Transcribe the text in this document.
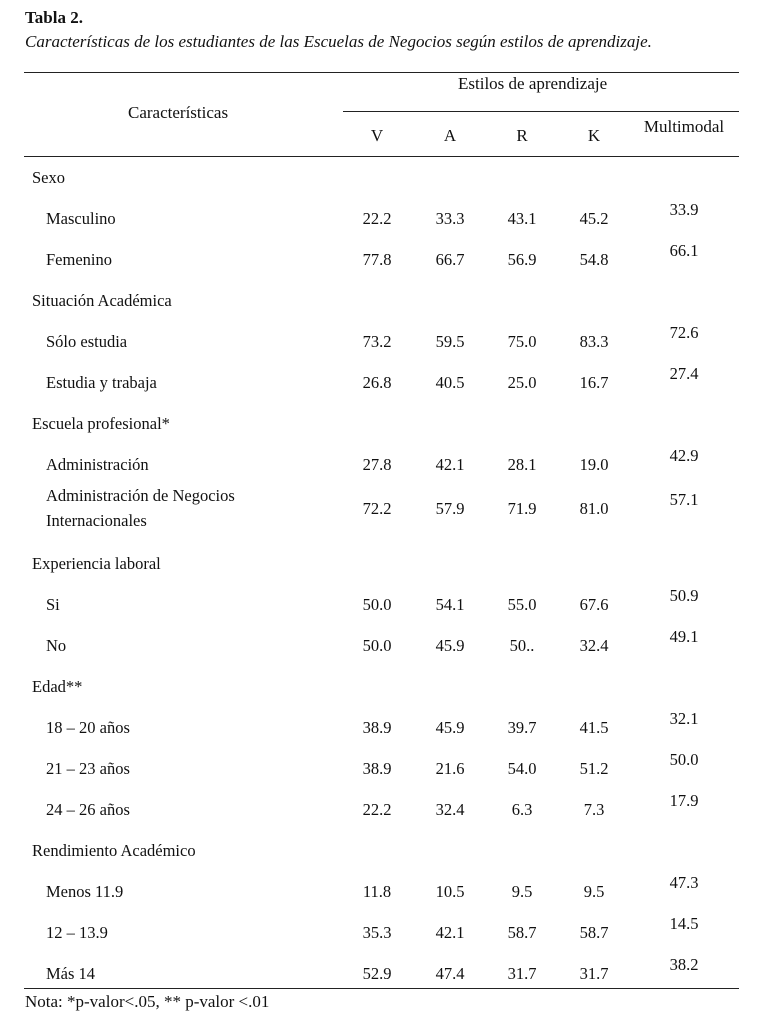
Tabla 2.
Características de los estudiantes de las Escuelas de Negocios según estilos de aprendizaje.
Características
Estilos de aprendizaje
V	A	R	K	Multimodal
Sexo
Masculino	22.2	33.3	43.1	45.2	33.9
Femenino	77.8	66.7	56.9	54.8	66.1
Situación Académica
Sólo estudia	73.2	59.5	75.0	83.3	72.6
Estudia y trabaja	26.8	40.5	25.0	16.7	27.4
Escuela profesional*
Administración	27.8	42.1	28.1	19.0	42.9
Administración de Negocios
Internacionales
72.2	57.9	71.9	81.0	57.1
Experiencia laboral
Si	50.0	54.1	55.0	67.6	50.9
No	50.0	45.9	50..	32.4	49.1
Edad**
18 – 20 años	38.9	45.9	39.7	41.5	32.1
21 – 23 años	38.9	21.6	54.0	51.2	50.0
24 – 26 años	22.2	32.4	6.3	7.3	17.9
Rendimiento Académico
Menos 11.9	11.8	10.5	9.5	9.5	47.3
12 – 13.9	35.3	42.1	58.7	58.7	14.5
Más 14	52.9	47.4	31.7	31.7	38.2
Nota: *p-valor<.05, ** p-valor <.01
